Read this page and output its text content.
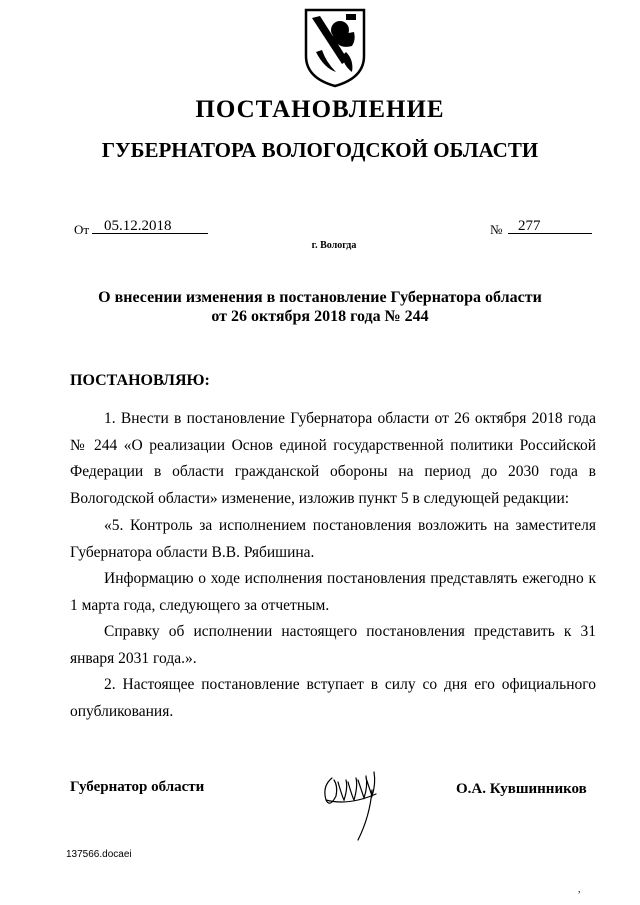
ПОСТАНОВЛЕНИЕ
ГУБЕРНАТОРА ВОЛОГОДСКОЙ ОБЛАСТИ
От 05.12.2018	№	277
г. Вологда
О внесении изменения в постановление Губернатора области
от 26 октября 2018 года № 244
ПОСТАНОВЛЯЮ:

1. Внести в постановление Губернатора области от 26 октября 2018 года № 244 «О реализации Основ единой государственной политики Российской Федерации в области гражданской обороны на период до 2030 года в Вологодской области» изменение, изложив пункт 5 в следующей редакции:

«5. Контроль за исполнением постановления возложить на заместителя Губернатора области В.В. Рябишина.

Информацию о ходе исполнения постановления представлять ежегодно к 1 марта года, следующего за отчетным.

Справку об исполнении настоящего постановления представить к 31 января 2031 года.».

2. Настоящее постановление вступает в силу со дня его официального опубликования.

Губернатор области	О.А. Кувшинников
137566.docaei
,
